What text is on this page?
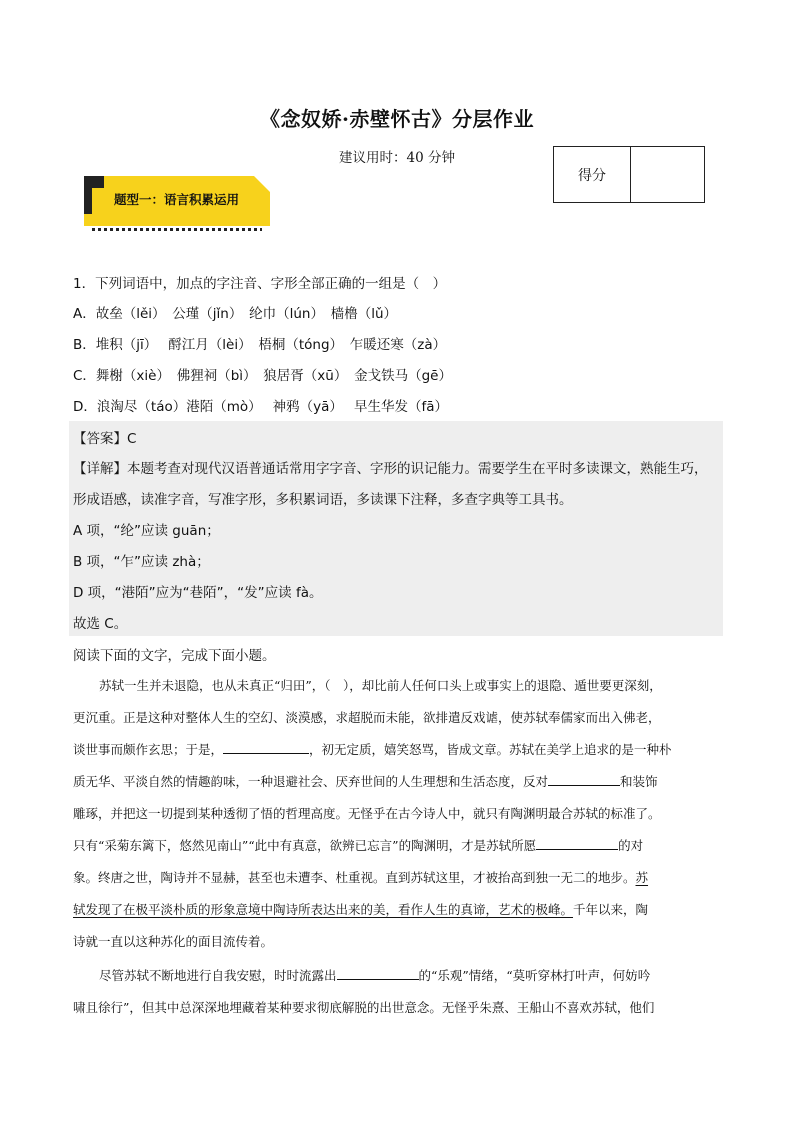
《念奴娇·赤壁怀古》分层作业
建议用时：40 分钟
得分
题型一：语言积累运用
1．下列词语中，加点的字注音、字形全部正确的一组是（　）
A．故垒（lěi）　公瑾（jǐn）　纶巾（lún）　樯橹（lǔ）
B．堆积（jī）　 酹江月（lèi）　梧桐（tóng）　乍暖还寒（zà）
C．舞榭（xiè）　佛狸祠（bì）　狼居胥（xū）　金戈铁马（gē）
D．浪淘尽（táo）港陌（mò）　 神鸦（yā）　 早生华发（fā）
【答案】C
【详解】本题考查对现代汉语普通话常用字字音、字形的识记能力。需要学生在平时多读课文，熟能生巧，
形成语感，读准字音，写准字形，多积累词语，多读课下注释，多查字典等工具书。
A 项，“纶”应读 guān；
B 项，“乍”应读 zhà；
D 项，“港陌”应为“巷陌”，“发”应读 fà。
故选 C。
阅读下面的文字，完成下面小题。
苏轼一生并未退隐，也从未真正“归田”，（　），却比前人任何口头上或事实上的退隐、遁世要更深刻，
更沉重。正是这种对整体人生的空幻、淡漠感，求超脱而未能，欲排遣反戏谑，使苏轼奉儒家而出入佛老，
谈世事而颇作玄思；于是，	，初无定质，嬉笑怒骂，皆成文章。苏轼在美学上追求的是一种朴
质无华、平淡自然的情趣韵味，一种退避社会、厌弃世间的人生理想和生活态度，反对	和装饰
雕琢，并把这一切提到某种透彻了悟的哲理高度。无怪乎在古今诗人中，就只有陶渊明最合苏轼的标准了。
只有“采菊东篱下，悠然见南山”“此中有真意，欲辨已忘言”的陶渊明，才是苏轼所愿	的对
象。终唐之世，陶诗并不显赫，甚至也未遭李、杜重视。直到苏轼这里，才被抬高到独一无二的地步。苏
轼发现了在极平淡朴质的形象意境中陶诗所表达出来的美，看作人生的真谛，艺术的极峰。千年以来，陶
诗就一直以这种苏化的面目流传着。
尽管苏轼不断地进行自我安慰，时时流露出	的“乐观”情绪，“莫听穿林打叶声，何妨吟
啸且徐行”，但其中总深深地埋藏着某种要求彻底解脱的出世意念。无怪乎朱熹、王船山不喜欢苏轼，他们
